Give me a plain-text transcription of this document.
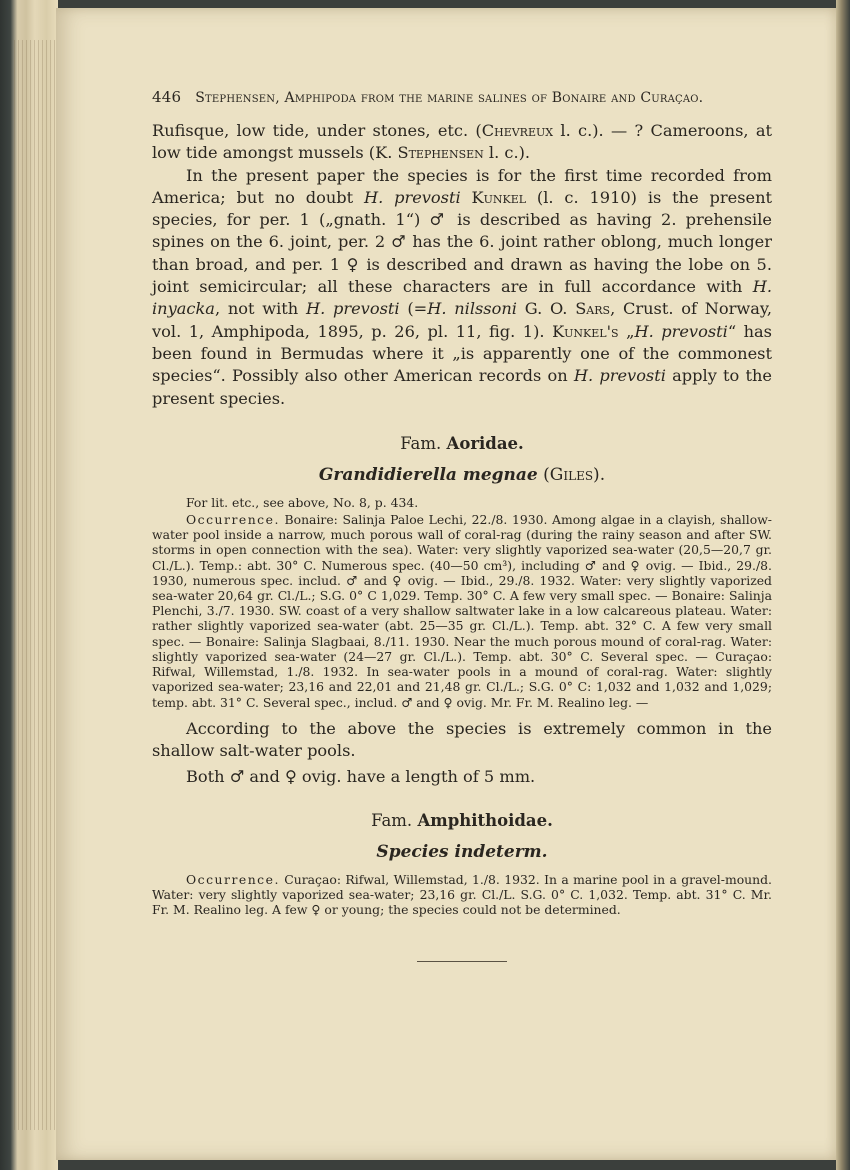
446 Stephensen, Amphipoda from the marine salines of Bonaire and Curaçao.

Rufisque, low tide, under stones, etc. (Chevreux l. c.). — ? Cameroons, at low tide amongst mussels (K. Stephensen l. c.).

In the present paper the species is for the first time recorded from America; but no doubt H. prevosti Kunkel (l. c. 1910) is the present species, for per. 1 („gnath. 1“) ♂ is described as having 2. prehensile spines on the 6. joint, per. 2 ♂ has the 6. joint rather oblong, much longer than broad, and per. 1 ♀ is described and drawn as having the lobe on 5. joint semicircular; all these characters are in full accordance with H. inyacka, not with H. prevosti (=H. nilssoni G. O. Sars, Crust. of Norway, vol. 1, Amphipoda, 1895, p. 26, pl. 11, fig. 1). Kunkel's „H. prevosti“ has been found in Bermudas where it „is apparently one of the commonest species“. Possibly also other American records on H. prevosti apply to the present species.

Fam. Aoridae.
Grandidierella megnae (Giles).

For lit. etc., see above, No. 8, p. 434.

Occurrence. Bonaire: Salinja Paloe Lechi, 22./8. 1930. Among algae in a clayish, shallow-water pool inside a narrow, much porous wall of coral-rag (during the rainy season and after SW. storms in open connection with the sea). Water: very slightly vaporized sea-water (20,5—20,7 gr. Cl./L.). Temp.: abt. 30° C. Numerous spec. (40—50 cm³), including ♂ and ♀ ovig. — Ibid., 29./8. 1930, numerous spec. includ. ♂ and ♀ ovig. — Ibid., 29./8. 1932. Water: very slightly vaporized sea-water 20,64 gr. Cl./L.; S.G. 0° C 1,029. Temp. 30° C. A few very small spec. — Bonaire: Salinja Plenchi, 3./7. 1930. SW. coast of a very shallow saltwater lake in a low calcareous plateau. Water: rather slightly vaporized sea-water (abt. 25—35 gr. Cl./L.). Temp. abt. 32° C. A few very small spec. — Bonaire: Salinja Slagbaai, 8./11. 1930. Near the much porous mound of coral-rag. Water: slightly vaporized sea-water (24—27 gr. Cl./L.). Temp. abt. 30° C. Several spec. — Curaçao: Rifwal, Willemstad, 1./8. 1932. In sea-water pools in a mound of coral-rag. Water: slightly vaporized sea-water; 23,16 and 22,01 and 21,48 gr. Cl./L.; S.G. 0° C: 1,032 and 1,032 and 1,029; temp. abt. 31° C. Several spec., includ. ♂ and ♀ ovig. Mr. Fr. M. Realino leg. —

According to the above the species is extremely common in the shallow salt-water pools.

Both ♂ and ♀ ovig. have a length of 5 mm.

Fam. Amphithoidae.
Species indeterm.

Occurrence. Curaçao: Rifwal, Willemstad, 1./8. 1932. In a marine pool in a gravel-mound. Water: very slightly vaporized sea-water; 23,16 gr. Cl./L. S.G. 0° C. 1,032. Temp. abt. 31° C. Mr. Fr. M. Realino leg. A few ♀ or young; the species could not be determined.
